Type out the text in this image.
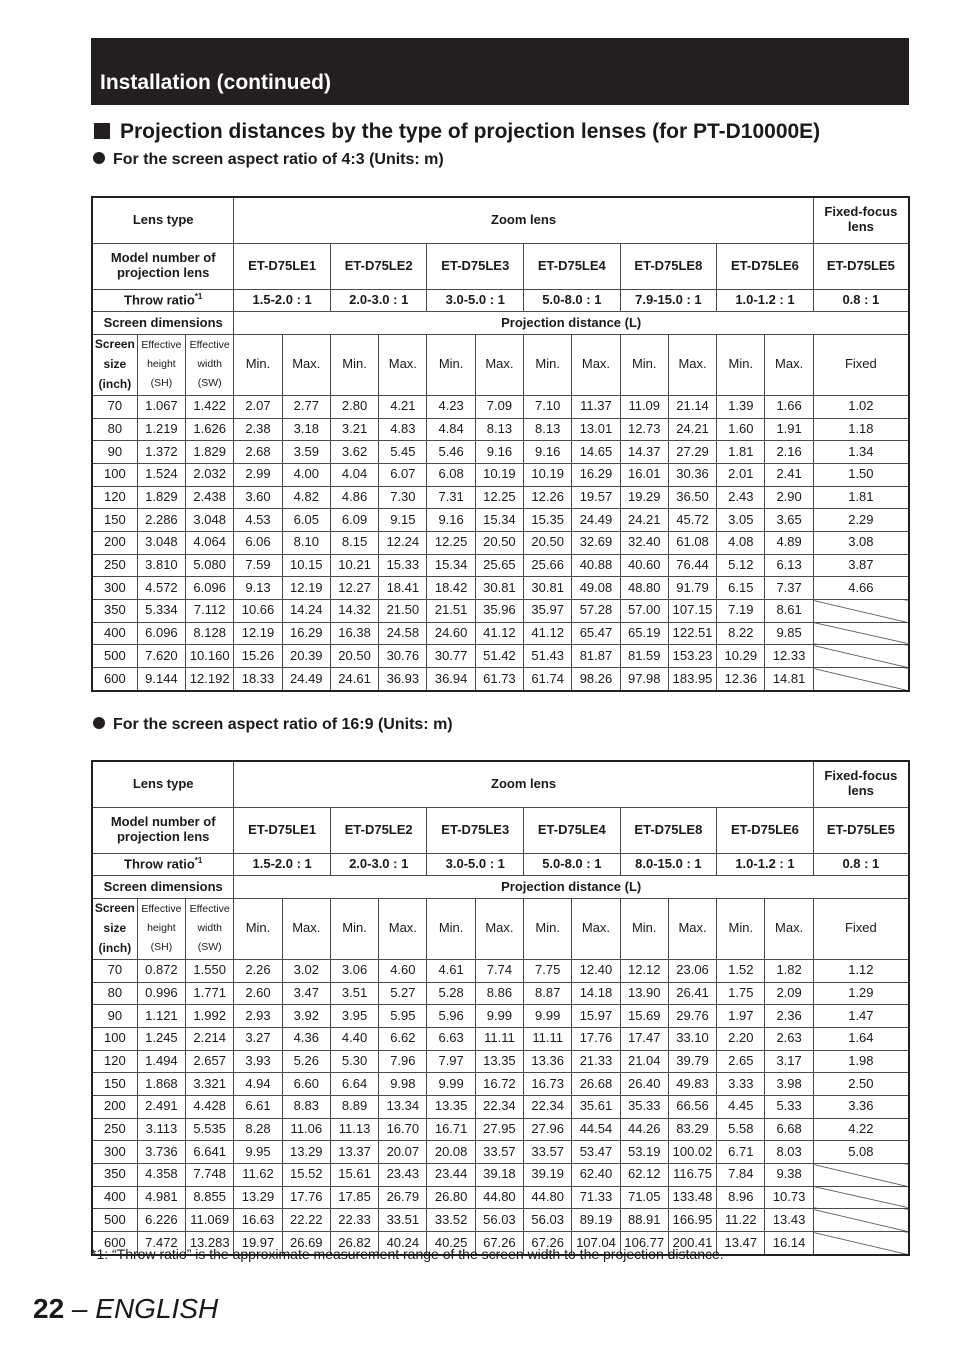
Installation (continued)
Projection distances by the type of projection lenses (for PT-D10000E)
For the screen aspect ratio of 4:3 (Units: m)
Lens type			Zoom lens												Fixed-focus lens
Model number of projection lens			ET-D75LE1		ET-D75LE2		ET-D75LE3		ET-D75LE4		ET-D75LE8		ET-D75LE6		ET-D75LE5
Throw ratio$^{*1}$			1.5-2.0 : 1		2.0-3.0 : 1		3.0-5.0 : 1		5.0-8.0 : 1		7.9-15.0 : 1		1.0-1.2 : 1		0.8 : 1
Screen dimensions			Projection distance (L)												
Screen
size
(inch)	Effective
height
(SH)	Effective
width
(SW)	Min.	Max.	Min.	Max.	Min.	Max.	Min.	Max.	Min.	Max.	Min.	Max.	Fixed
70	1.067	1.422	2.07	2.77	2.80	4.21	4.23	7.09	7.10	11.37	11.09	21.14	1.39	1.66	1.02
80	1.219	1.626	2.38	3.18	3.21	4.83	4.84	8.13	8.13	13.01	12.73	24.21	1.60	1.91	1.18
90	1.372	1.829	2.68	3.59	3.62	5.45	5.46	9.16	9.16	14.65	14.37	27.29	1.81	2.16	1.34
100	1.524	2.032	2.99	4.00	4.04	6.07	6.08	10.19	10.19	16.29	16.01	30.36	2.01	2.41	1.50
120	1.829	2.438	3.60	4.82	4.86	7.30	7.31	12.25	12.26	19.57	19.29	36.50	2.43	2.90	1.81
150	2.286	3.048	4.53	6.05	6.09	9.15	9.16	15.34	15.35	24.49	24.21	45.72	3.05	3.65	2.29
200	3.048	4.064	6.06	8.10	8.15	12.24	12.25	20.50	20.50	32.69	32.40	61.08	4.08	4.89	3.08
250	3.810	5.080	7.59	10.15	10.21	15.33	15.34	25.65	25.66	40.88	40.60	76.44	5.12	6.13	3.87
300	4.572	6.096	9.13	12.19	12.27	18.41	18.42	30.81	30.81	49.08	48.80	91.79	6.15	7.37	4.66
350	5.334	7.112	10.66	14.24	14.32	21.50	21.51	35.96	35.97	57.28	57.00	107.15	7.19	8.61	
400	6.096	8.128	12.19	16.29	16.38	24.58	24.60	41.12	41.12	65.47	65.19	122.51	8.22	9.85	
500	7.620	10.160	15.26	20.39	20.50	30.76	30.77	51.42	51.43	81.87	81.59	153.23	10.29	12.33	
600	9.144	12.192	18.33	24.49	24.61	36.93	36.94	61.73	61.74	98.26	97.98	183.95	12.36	14.81	
For the screen aspect ratio of 16:9 (Units: m)
Lens type			Zoom lens												Fixed-focus lens
Model number of projection lens			ET-D75LE1		ET-D75LE2		ET-D75LE3		ET-D75LE4		ET-D75LE8		ET-D75LE6		ET-D75LE5
Throw ratio$^{*1}$			1.5-2.0 : 1		2.0-3.0 : 1		3.0-5.0 : 1		5.0-8.0 : 1		8.0-15.0 : 1		1.0-1.2 : 1		0.8 : 1
Screen dimensions			Projection distance (L)												
Screen
size
(inch)	Effective
height
(SH)	Effective
width
(SW)	Min.	Max.	Min.	Max.	Min.	Max.	Min.	Max.	Min.	Max.	Min.	Max.	Fixed
70	0.872	1.550	2.26	3.02	3.06	4.60	4.61	7.74	7.75	12.40	12.12	23.06	1.52	1.82	1.12
80	0.996	1.771	2.60	3.47	3.51	5.27	5.28	8.86	8.87	14.18	13.90	26.41	1.75	2.09	1.29
90	1.121	1.992	2.93	3.92	3.95	5.95	5.96	9.99	9.99	15.97	15.69	29.76	1.97	2.36	1.47
100	1.245	2.214	3.27	4.36	4.40	6.62	6.63	11.11	11.11	17.76	17.47	33.10	2.20	2.63	1.64
120	1.494	2.657	3.93	5.26	5.30	7.96	7.97	13.35	13.36	21.33	21.04	39.79	2.65	3.17	1.98
150	1.868	3.321	4.94	6.60	6.64	9.98	9.99	16.72	16.73	26.68	26.40	49.83	3.33	3.98	2.50
200	2.491	4.428	6.61	8.83	8.89	13.34	13.35	22.34	22.34	35.61	35.33	66.56	4.45	5.33	3.36
250	3.113	5.535	8.28	11.06	11.13	16.70	16.71	27.95	27.96	44.54	44.26	83.29	5.58	6.68	4.22
300	3.736	6.641	9.95	13.29	13.37	20.07	20.08	33.57	33.57	53.47	53.19	100.02	6.71	8.03	5.08
350	4.358	7.748	11.62	15.52	15.61	23.43	23.44	39.18	39.19	62.40	62.12	116.75	7.84	9.38	
400	4.981	8.855	13.29	17.76	17.85	26.79	26.80	44.80	44.80	71.33	71.05	133.48	8.96	10.73	
500	6.226	11.069	16.63	22.22	22.33	33.51	33.52	56.03	56.03	89.19	88.91	166.95	11.22	13.43	
600	7.472	13.283	19.97	26.69	26.82	40.24	40.25	67.26	67.26	107.04	106.77	200.41	13.47	16.14	
*1: “Throw ratio” is the approximate measurement range of the screen width to the projection distance.
22 – ENGLISH
